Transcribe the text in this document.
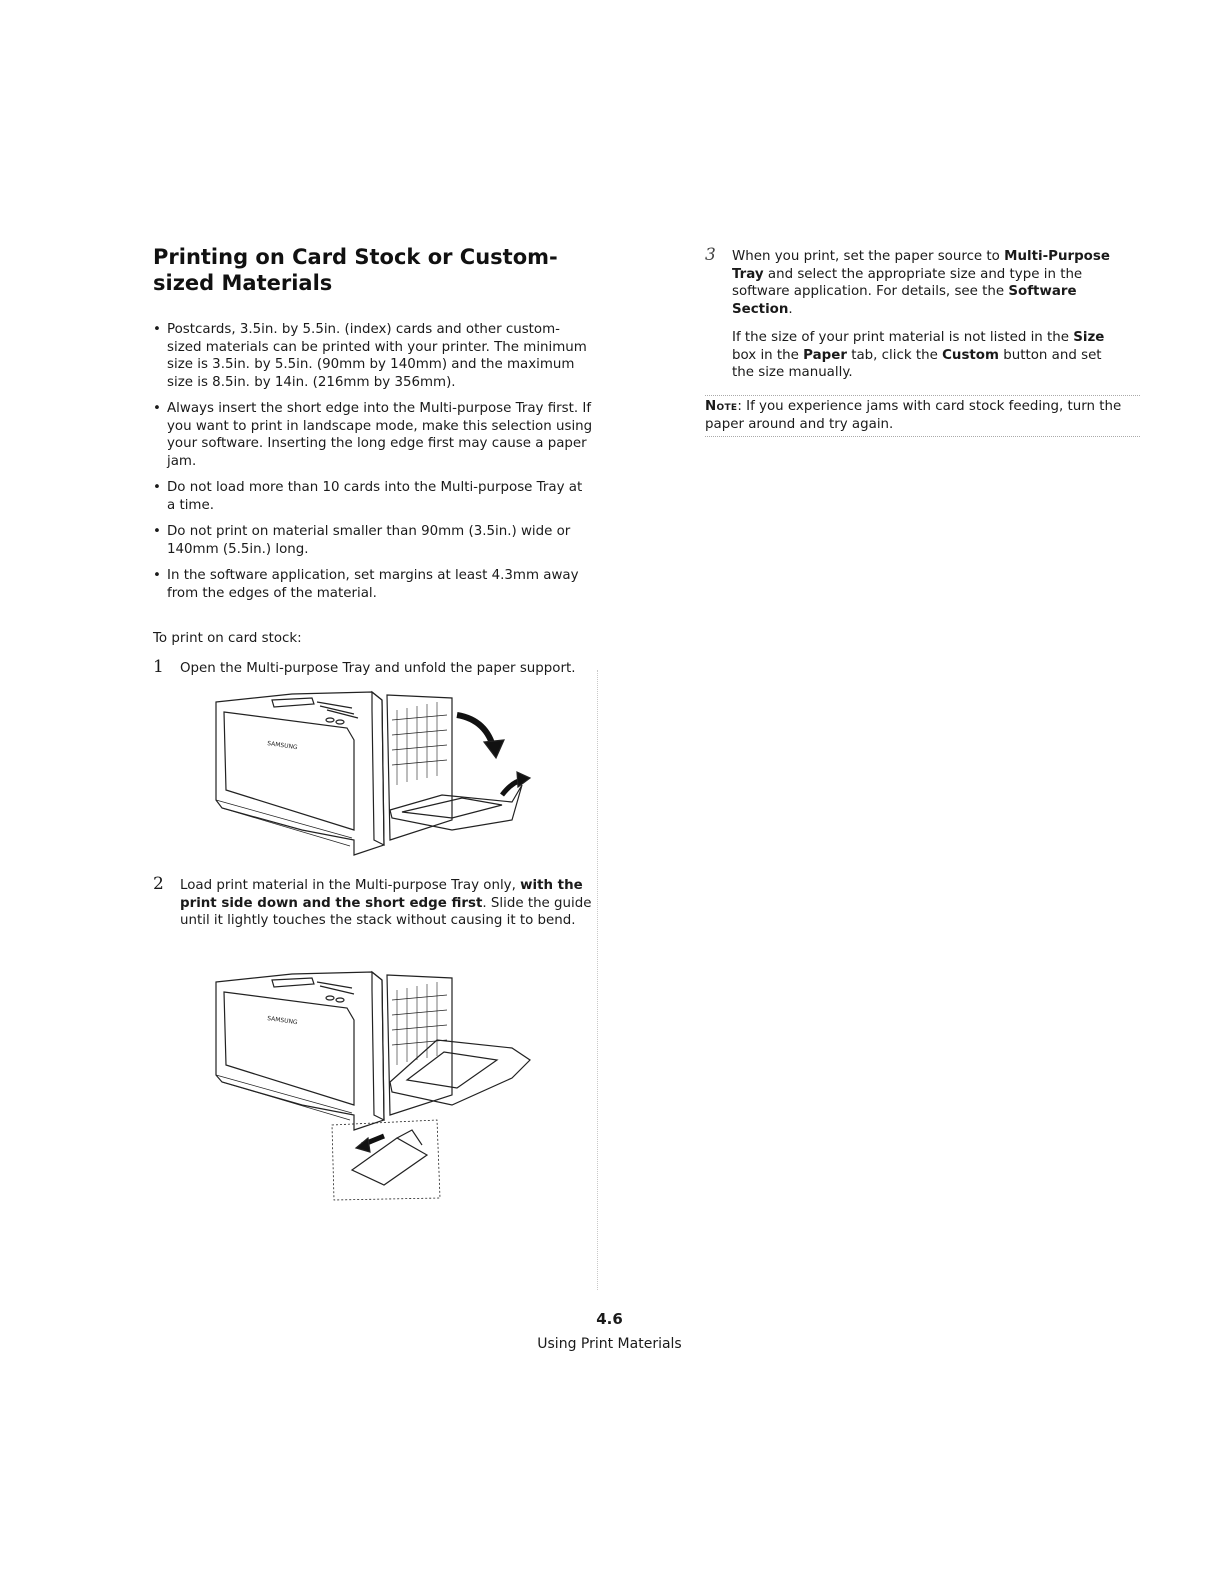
Printing on Card Stock or Custom-sized Materials
• Postcards, 3.5in. by 5.5in. (index) cards and other custom-sized materials can be printed with your printer. The minimum size is 3.5in. by 5.5in. (90mm by 140mm) and the maximum size is 8.5in. by 14in. (216mm by 356mm).
• Always insert the short edge into the Multi-purpose Tray first. If you want to print in landscape mode, make this selection using your software. Inserting the long edge first may cause a paper jam.
• Do not load more than 10 cards into the Multi-purpose Tray at a time.
• Do not print on material smaller than 90mm (3.5in.) wide or 140mm (5.5in.) long.
• In the software application, set margins at least 4.3mm away from the edges of the material.

To print on card stock:

1 Open the Multi-purpose Tray and unfold the paper support.
SAMSUNG
2 Load print material in the Multi-purpose Tray only, with the print side down and the short edge first. Slide the guide until it lightly touches the stack without causing it to bend.
SAMSUNG
3 When you print, set the paper source to Multi-Purpose Tray and select the appropriate size and type in the software application. For details, see the Software Section.

If the size of your print material is not listed in the Size box in the Paper tab, click the Custom button and set the size manually.

Note: If you experience jams with card stock feeding, turn the paper around and try again.
4.6
Using Print Materials
